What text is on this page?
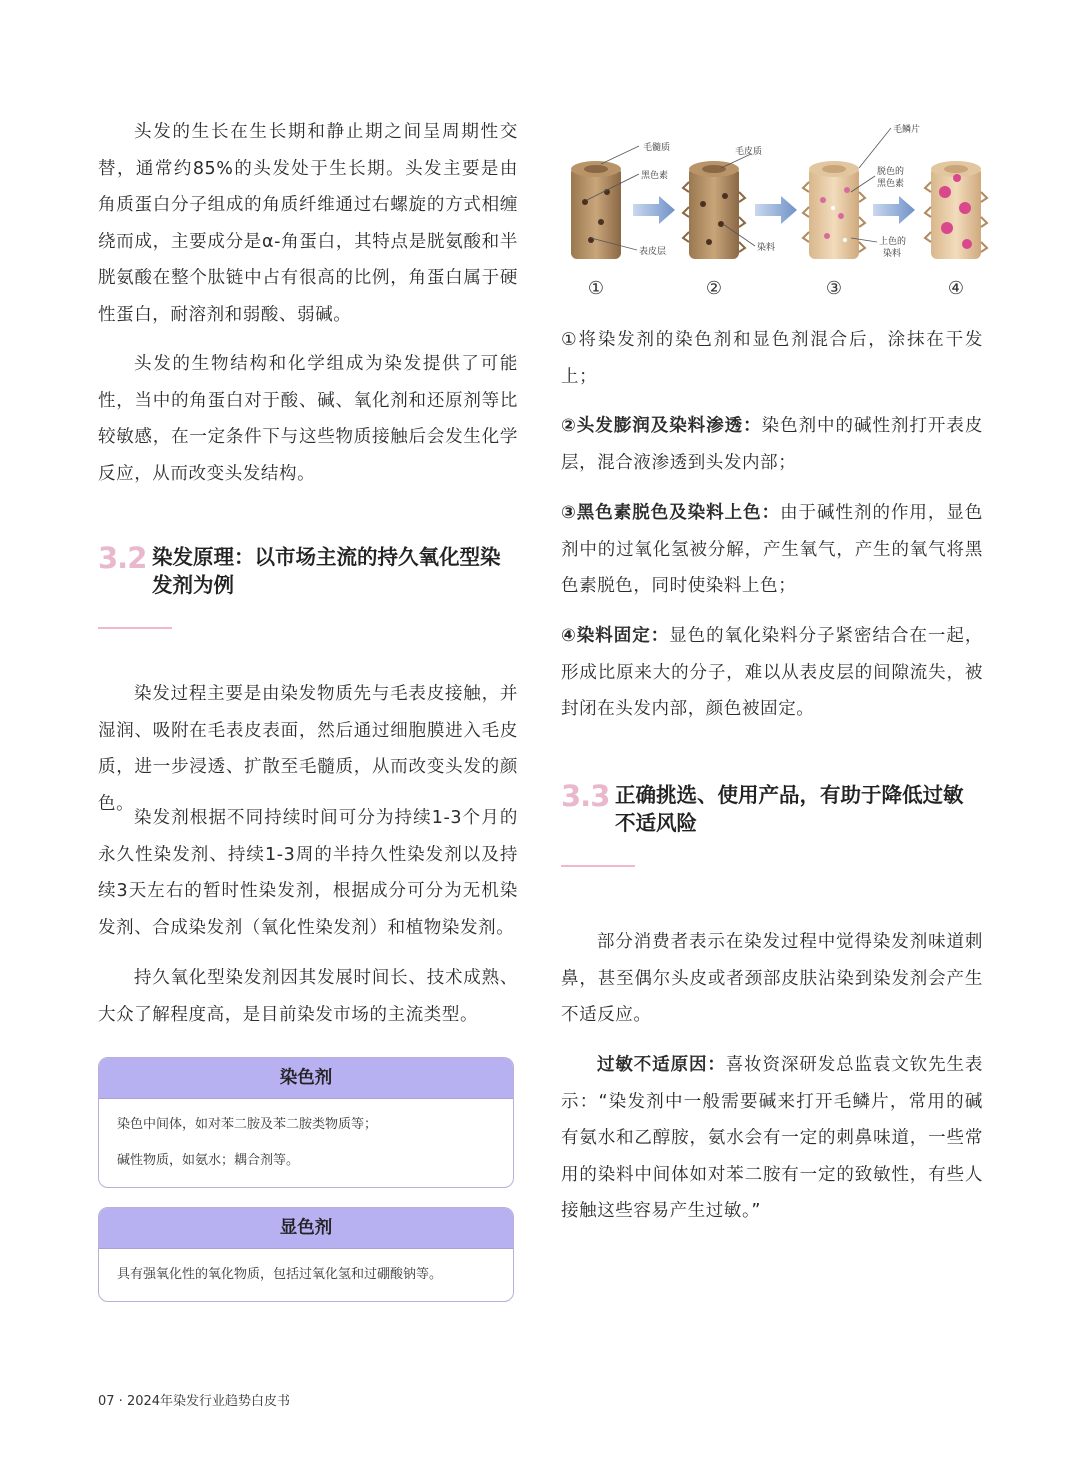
头发的生长在生长期和静止期之间呈周期性交替，通常约85%的头发处于生长期。头发主要是由角质蛋白分子组成的角质纤维通过右螺旋的方式相缠绕而成，主要成分是α-角蛋白，其特点是胱氨酸和半胱氨酸在整个肽链中占有很高的比例，角蛋白属于硬性蛋白，耐溶剂和弱酸、弱碱。

头发的生物结构和化学组成为染发提供了可能性，当中的角蛋白对于酸、碱、氧化剂和还原剂等比较敏感，在一定条件下与这些物质接触后会发生化学反应，从而改变头发结构。

3.2 染发原理：以市场主流的持久氧化型染发剂为例

染发过程主要是由染发物质先与毛表皮接触，并湿润、吸附在毛表皮表面，然后通过细胞膜进入毛皮质，进一步浸透、扩散至毛髓质，从而改变头发的颜色。

染发剂根据不同持续时间可分为持续1-3个月的永久性染发剂、持续1-3周的半持久性染发剂以及持续3天左右的暂时性染发剂，根据成分可分为无机染发剂、合成染发剂（氧化性染发剂）和植物染发剂。

持久氧化型染发剂因其发展时间长、技术成熟、大众了解程度高，是目前染发市场的主流类型。

染色剂
染色中间体，如对苯二胺及苯二胺类物质等；
碱性物质，如氨水；耦合剂等。
显色剂
具有强氧化性的氧化物质，包括过氧化氢和过硼酸钠等。
毛髓质
黑色素
表皮层
毛皮质
染料
毛鳞片
脱色的
黑色素
上色的
染料
①	②	③	④

①将染发剂的染色剂和显色剂混合后，涂抹在干发上；

②头发膨润及染料渗透：染色剂中的碱性剂打开表皮层，混合液渗透到头发内部；

③黑色素脱色及染料上色：由于碱性剂的作用，显色剂中的过氧化氢被分解，产生氧气，产生的氧气将黑色素脱色，同时使染料上色；

④染料固定：显色的氧化染料分子紧密结合在一起，形成比原来大的分子，难以从表皮层的间隙流失，被封闭在头发内部，颜色被固定。

3.3 正确挑选、使用产品，有助于降低过敏不适风险

部分消费者表示在染发过程中觉得染发剂味道刺鼻，甚至偶尔头皮或者颈部皮肤沾染到染发剂会产生不适反应。

过敏不适原因：喜妆资深研发总监袁文钦先生表示：“染发剂中一般需要碱来打开毛鳞片，常用的碱有氨水和乙醇胺，氨水会有一定的刺鼻味道，一些常用的染料中间体如对苯二胺有一定的致敏性，有些人接触这些容易产生过敏。”

07 · 2024年染发行业趋势白皮书
